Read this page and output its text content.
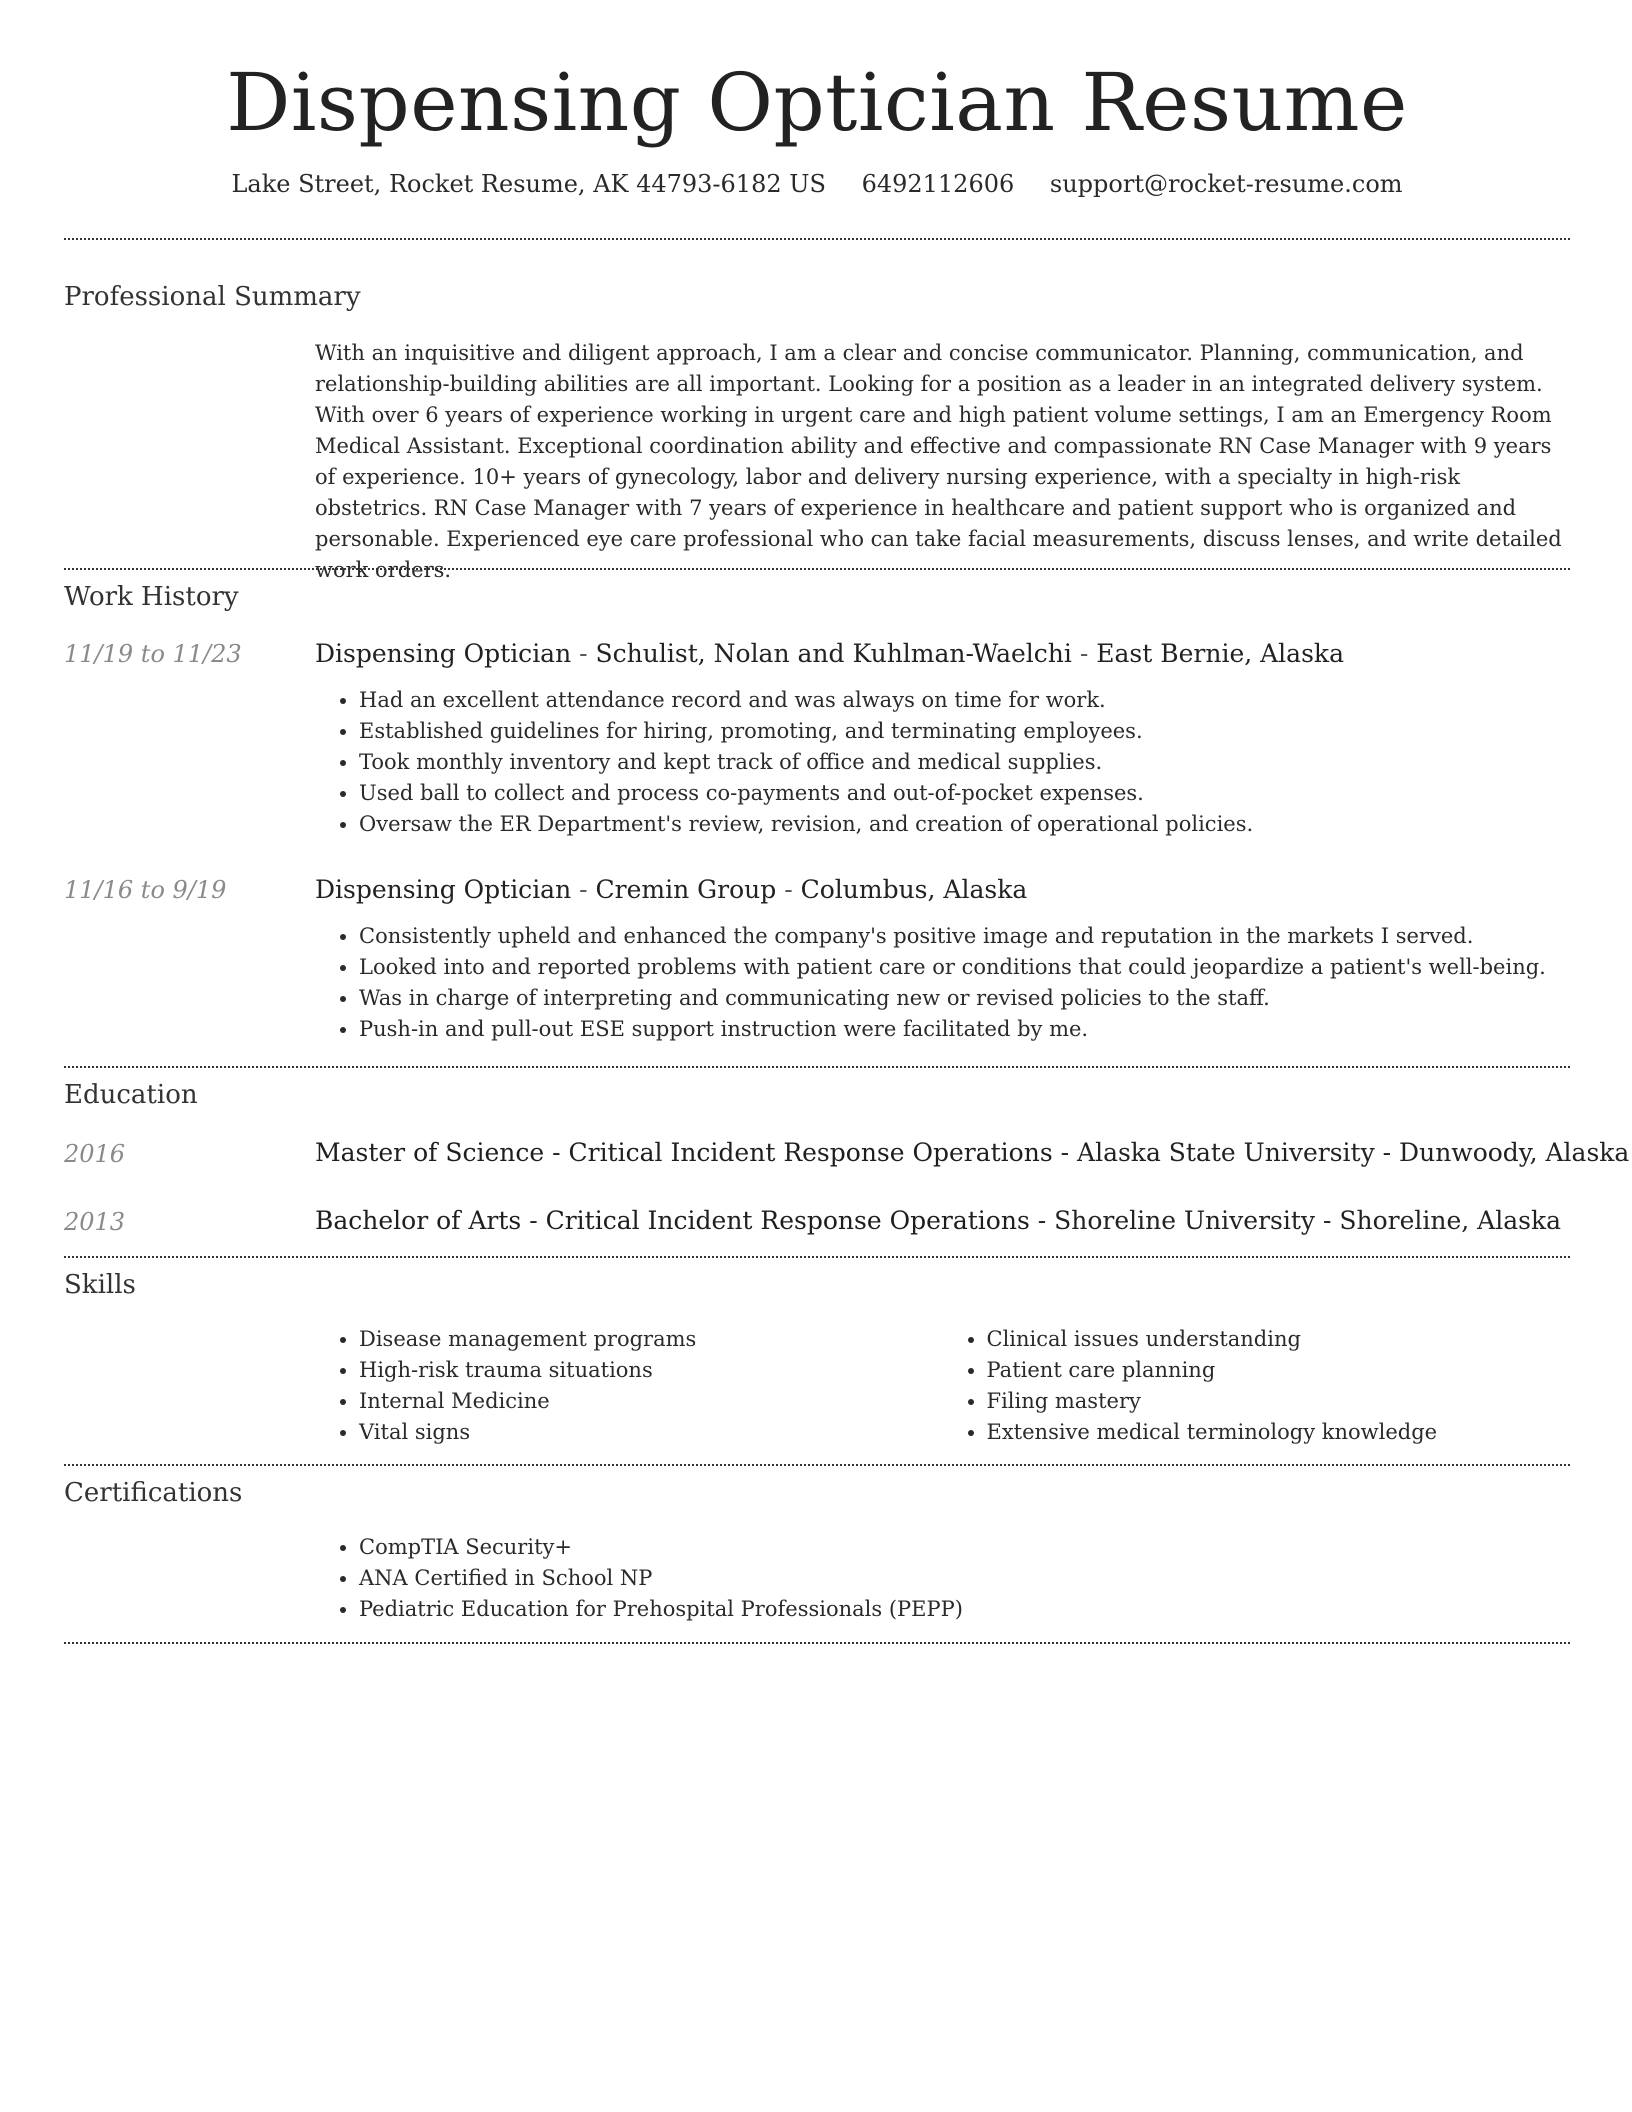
Dispensing Optician Resume
Lake Street, Rocket Resume, AK 44793-6182 US 6492112606 support@rocket-resume.com
Professional Summary

With an inquisitive and diligent approach, I am a clear and concise communicator. Planning, communication, and relationship-building abilities are all important. Looking for a position as a leader in an integrated delivery system. With over 6 years of experience working in urgent care and high patient volume settings, I am an Emergency Room Medical Assistant. Exceptional coordination ability and effective and compassionate RN Case Manager with 9 years of experience. 10+ years of gynecology, labor and delivery nursing experience, with a specialty in high-risk obstetrics. RN Case Manager with 7 years of experience in healthcare and patient support who is organized and personable. Experienced eye care professional who can take facial measurements, discuss lenses, and write detailed work orders.

Work History
11/19 to 11/23	Dispensing Optician - Schulist, Nolan and Kuhlman-Waelchi - East Bernie, Alaska

• Had an excellent attendance record and was always on time for work.
• Established guidelines for hiring, promoting, and terminating employees.
• Took monthly inventory and kept track of office and medical supplies.
• Used ball to collect and process co-payments and out-of-pocket expenses.
• Oversaw the ER Department's review, revision, and creation of operational policies.
11/16 to 9/19	Dispensing Optician - Cremin Group - Columbus, Alaska

• Consistently upheld and enhanced the company's positive image and reputation in the markets I served.
• Looked into and reported problems with patient care or conditions that could jeopardize a patient's well-being.
• Was in charge of interpreting and communicating new or revised policies to the staff.
• Push-in and pull-out ESE support instruction were facilitated by me.
Education
2016	Master of Science - Critical Incident Response Operations - Alaska State University - Dunwoody, Alaska
2013	Bachelor of Arts - Critical Incident Response Operations - Shoreline University - Shoreline, Alaska
Skills
• Disease management programs
• High-risk trauma situations
• Internal Medicine
• Vital signs
• Clinical issues understanding
• Patient care planning
• Filing mastery
• Extensive medical terminology knowledge
Certifications
• CompTIA Security+
• ANA Certified in School NP
• Pediatric Education for Prehospital Professionals (PEPP)
